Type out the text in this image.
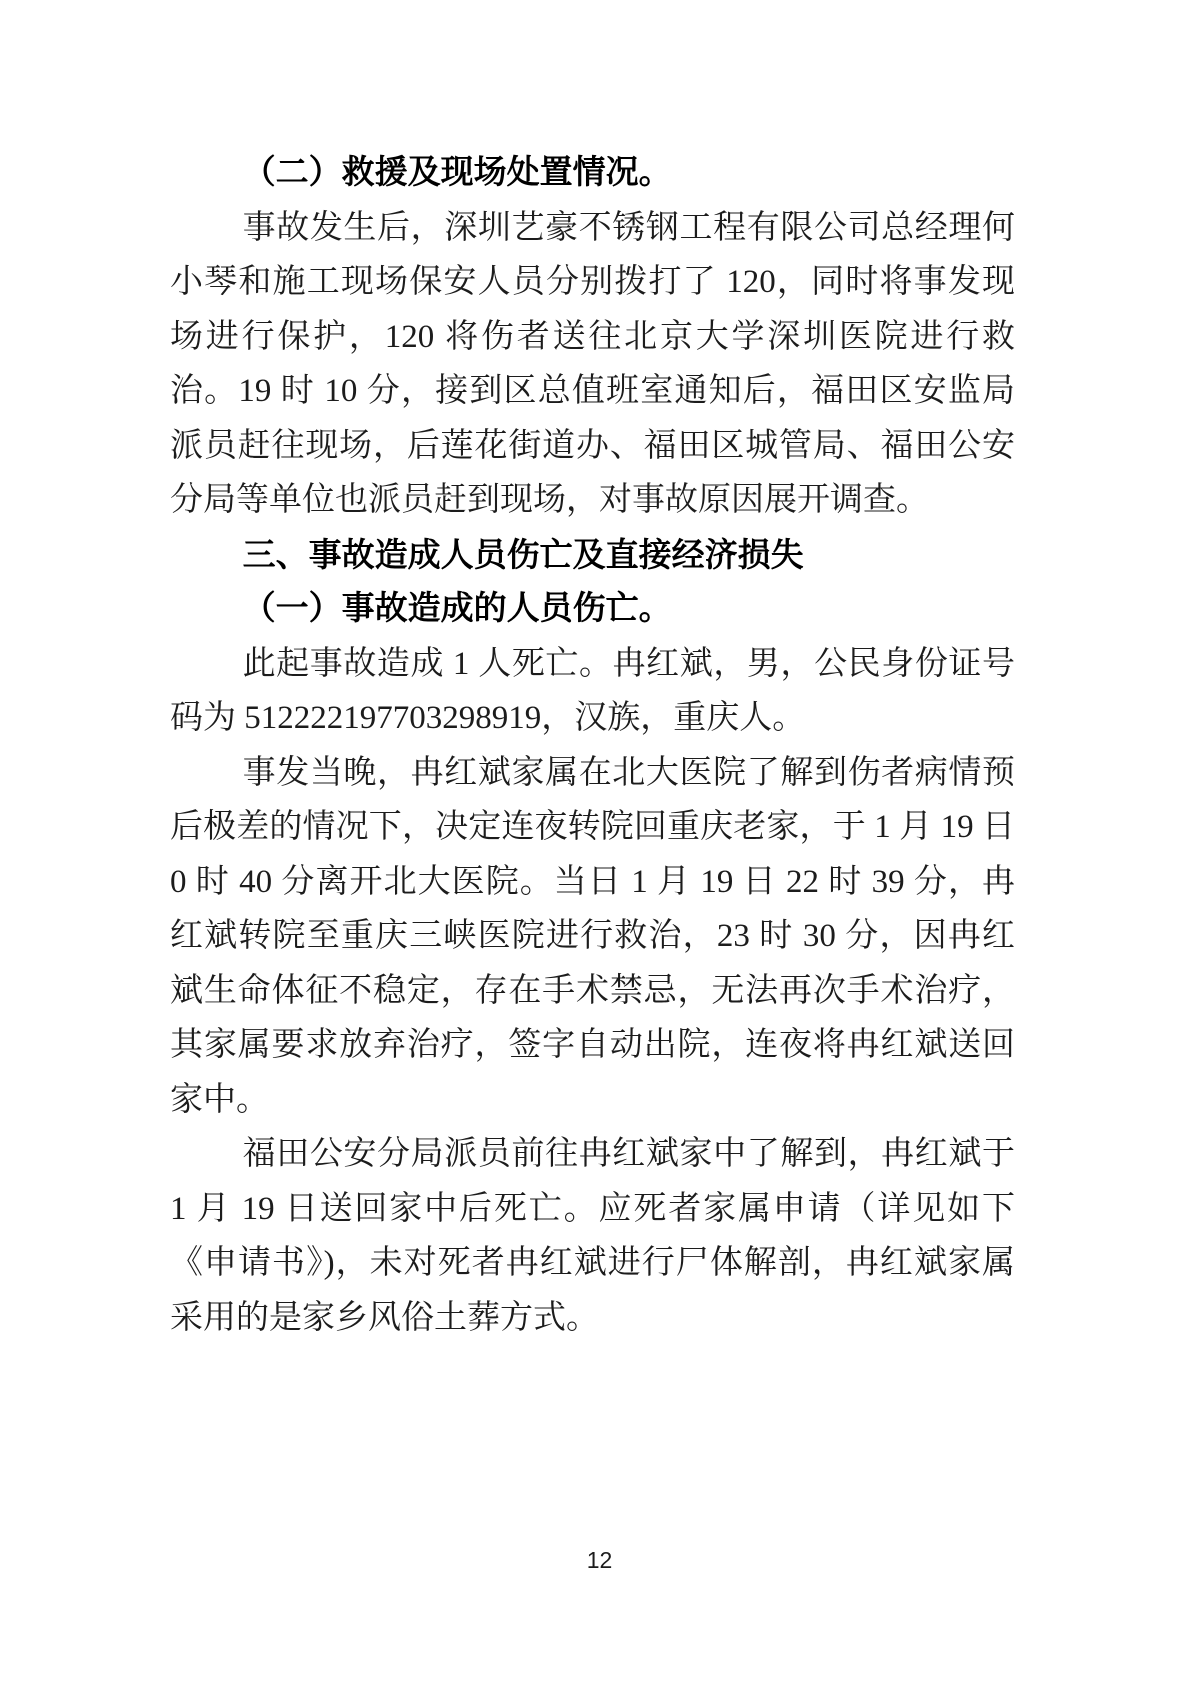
（二）救援及现场处置情况。

事故发生后，深圳艺豪不锈钢工程有限公司总经理何小琴和施工现场保安人员分别拨打了 120，同时将事发现场进行保护，120 将伤者送往北京大学深圳医院进行救治。19 时 10 分，接到区总值班室通知后，福田区安监局派员赶往现场，后莲花街道办、福田区城管局、福田公安分局等单位也派员赶到现场，对事故原因展开调查。

三、事故造成人员伤亡及直接经济损失
（一）事故造成的人员伤亡。

此起事故造成 1 人死亡。冉红斌，男，公民身份证号码为 512222197703298919，汉族，重庆人。

事发当晚，冉红斌家属在北大医院了解到伤者病情预后极差的情况下，决定连夜转院回重庆老家，于 1 月 19 日 0 时 40 分离开北大医院。当日 1 月 19 日 22 时 39 分，冉红斌转院至重庆三峡医院进行救治，23 时 30 分，因冉红斌生命体征不稳定，存在手术禁忌，无法再次手术治疗，其家属要求放弃治疗，签字自动出院，连夜将冉红斌送回家中。

福田公安分局派员前往冉红斌家中了解到，冉红斌于 1 月 19 日送回家中后死亡。应死者家属申请（详见如下《申请书》)，未对死者冉红斌进行尸体解剖，冉红斌家属采用的是家乡风俗土葬方式。

12
